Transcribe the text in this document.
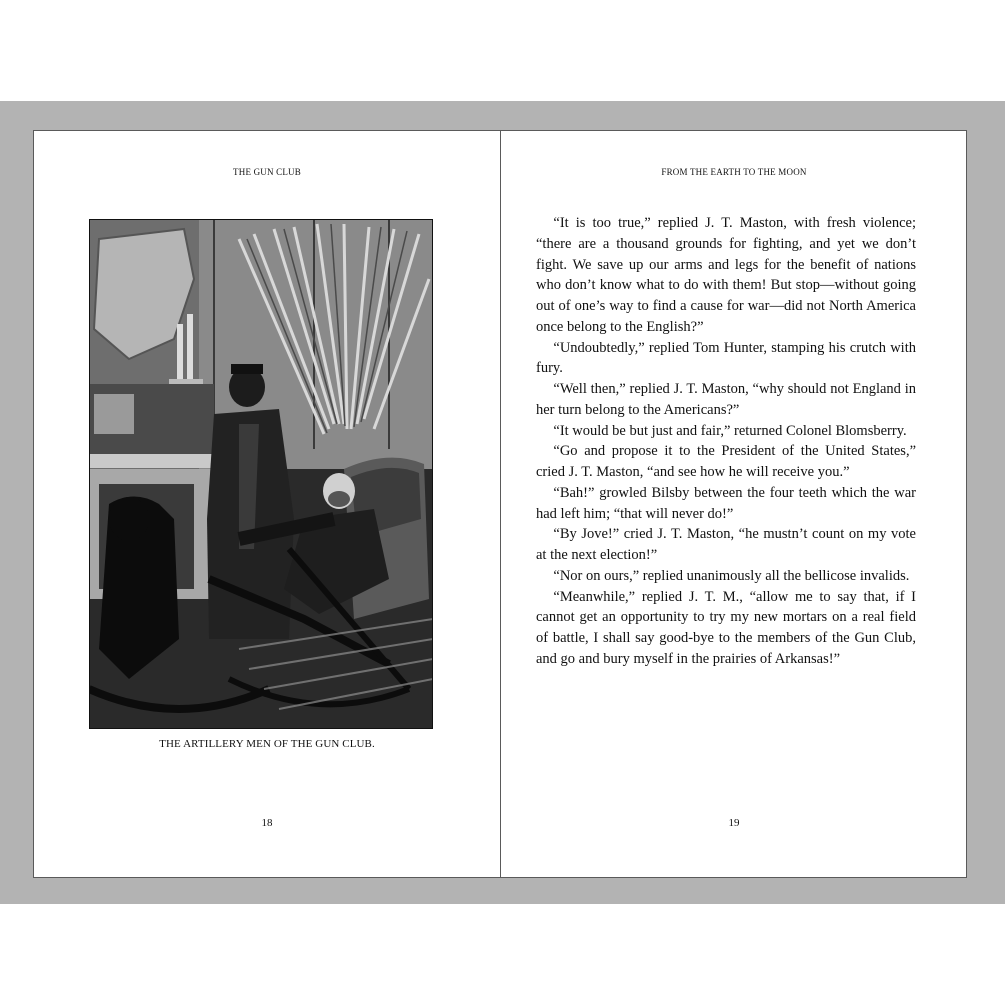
THE GUN CLUB
THE ARTILLERY MEN OF THE GUN CLUB.
18
FROM THE EARTH TO THE MOON

“It is too true,” replied J. T. Maston, with fresh violence; “there are a thousand grounds for fighting, and yet we don’t fight. We save up our arms and legs for the benefit of nations who don’t know what to do with them! But stop—without going out of one’s way to find a cause for war—did not North America once belong to the English?”

“Undoubtedly,” replied Tom Hunter, stamping his crutch with fury.

“Well then,” replied J. T. Maston, “why should not England in her turn belong to the Americans?”

“It would be but just and fair,” returned Colonel Blomsberry.

“Go and propose it to the President of the United States,” cried J. T. Maston, “and see how he will receive you.”

“Bah!” growled Bilsby between the four teeth which the war had left him; “that will never do!”

“By Jove!” cried J. T. Maston, “he mustn’t count on my vote at the next election!”

“Nor on ours,” replied unanimously all the bellicose invalids.

“Meanwhile,” replied J. T. M., “allow me to say that, if I cannot get an opportunity to try my new mortars on a real field of battle, I shall say good-bye to the members of the Gun Club, and go and bury myself in the prairies of Arkansas!”

19
